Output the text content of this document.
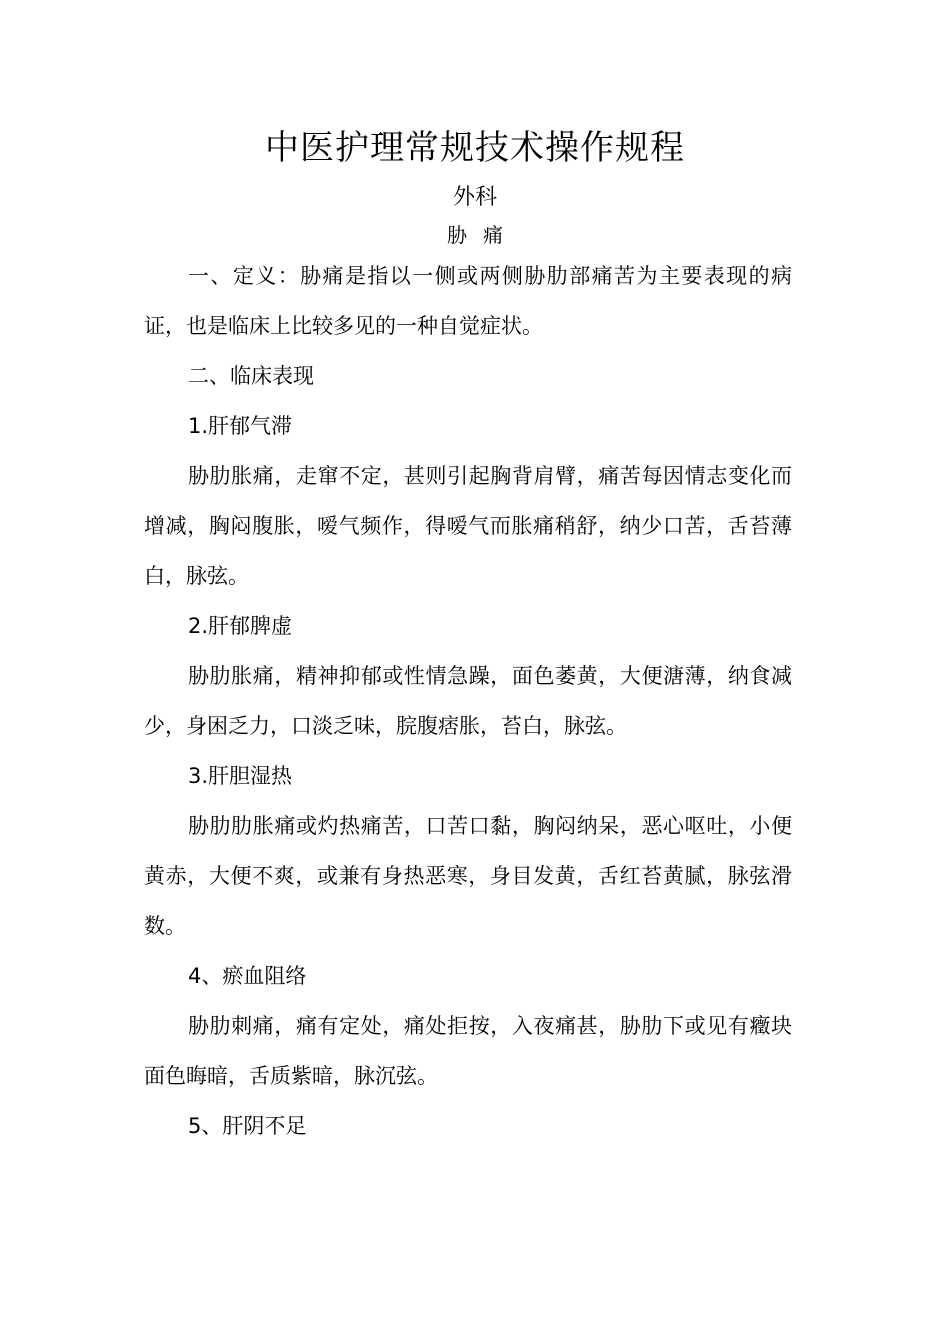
中医护理常规技术操作规程
外科
胁痛

一、定义：胁痛是指以一侧或两侧胁肋部痛苦为主要表现的病证，也是临床上比较多见的一种自觉症状。

二、临床表现

1.肝郁气滞

胁肋胀痛，走窜不定，甚则引起胸背肩臂，痛苦每因情志变化而增减，胸闷腹胀，嗳气频作，得嗳气而胀痛稍舒，纳少口苦，舌苔薄白，脉弦。

2.肝郁脾虚

胁肋胀痛，精神抑郁或性情急躁，面色萎黄，大便溏薄，纳食减少，身困乏力，口淡乏味，脘腹痞胀，苔白，脉弦。

3.肝胆湿热

胁肋肋胀痛或灼热痛苦，口苦口黏，胸闷纳呆，恶心呕吐，小便黄赤，大便不爽，或兼有身热恶寒，身目发黄，舌红苔黄腻，脉弦滑数。

4、瘀血阻络

胁肋刺痛，痛有定处，痛处拒按，入夜痛甚，胁肋下或见有癥块面色晦暗，舌质紫暗，脉沉弦。

5、肝阴不足
